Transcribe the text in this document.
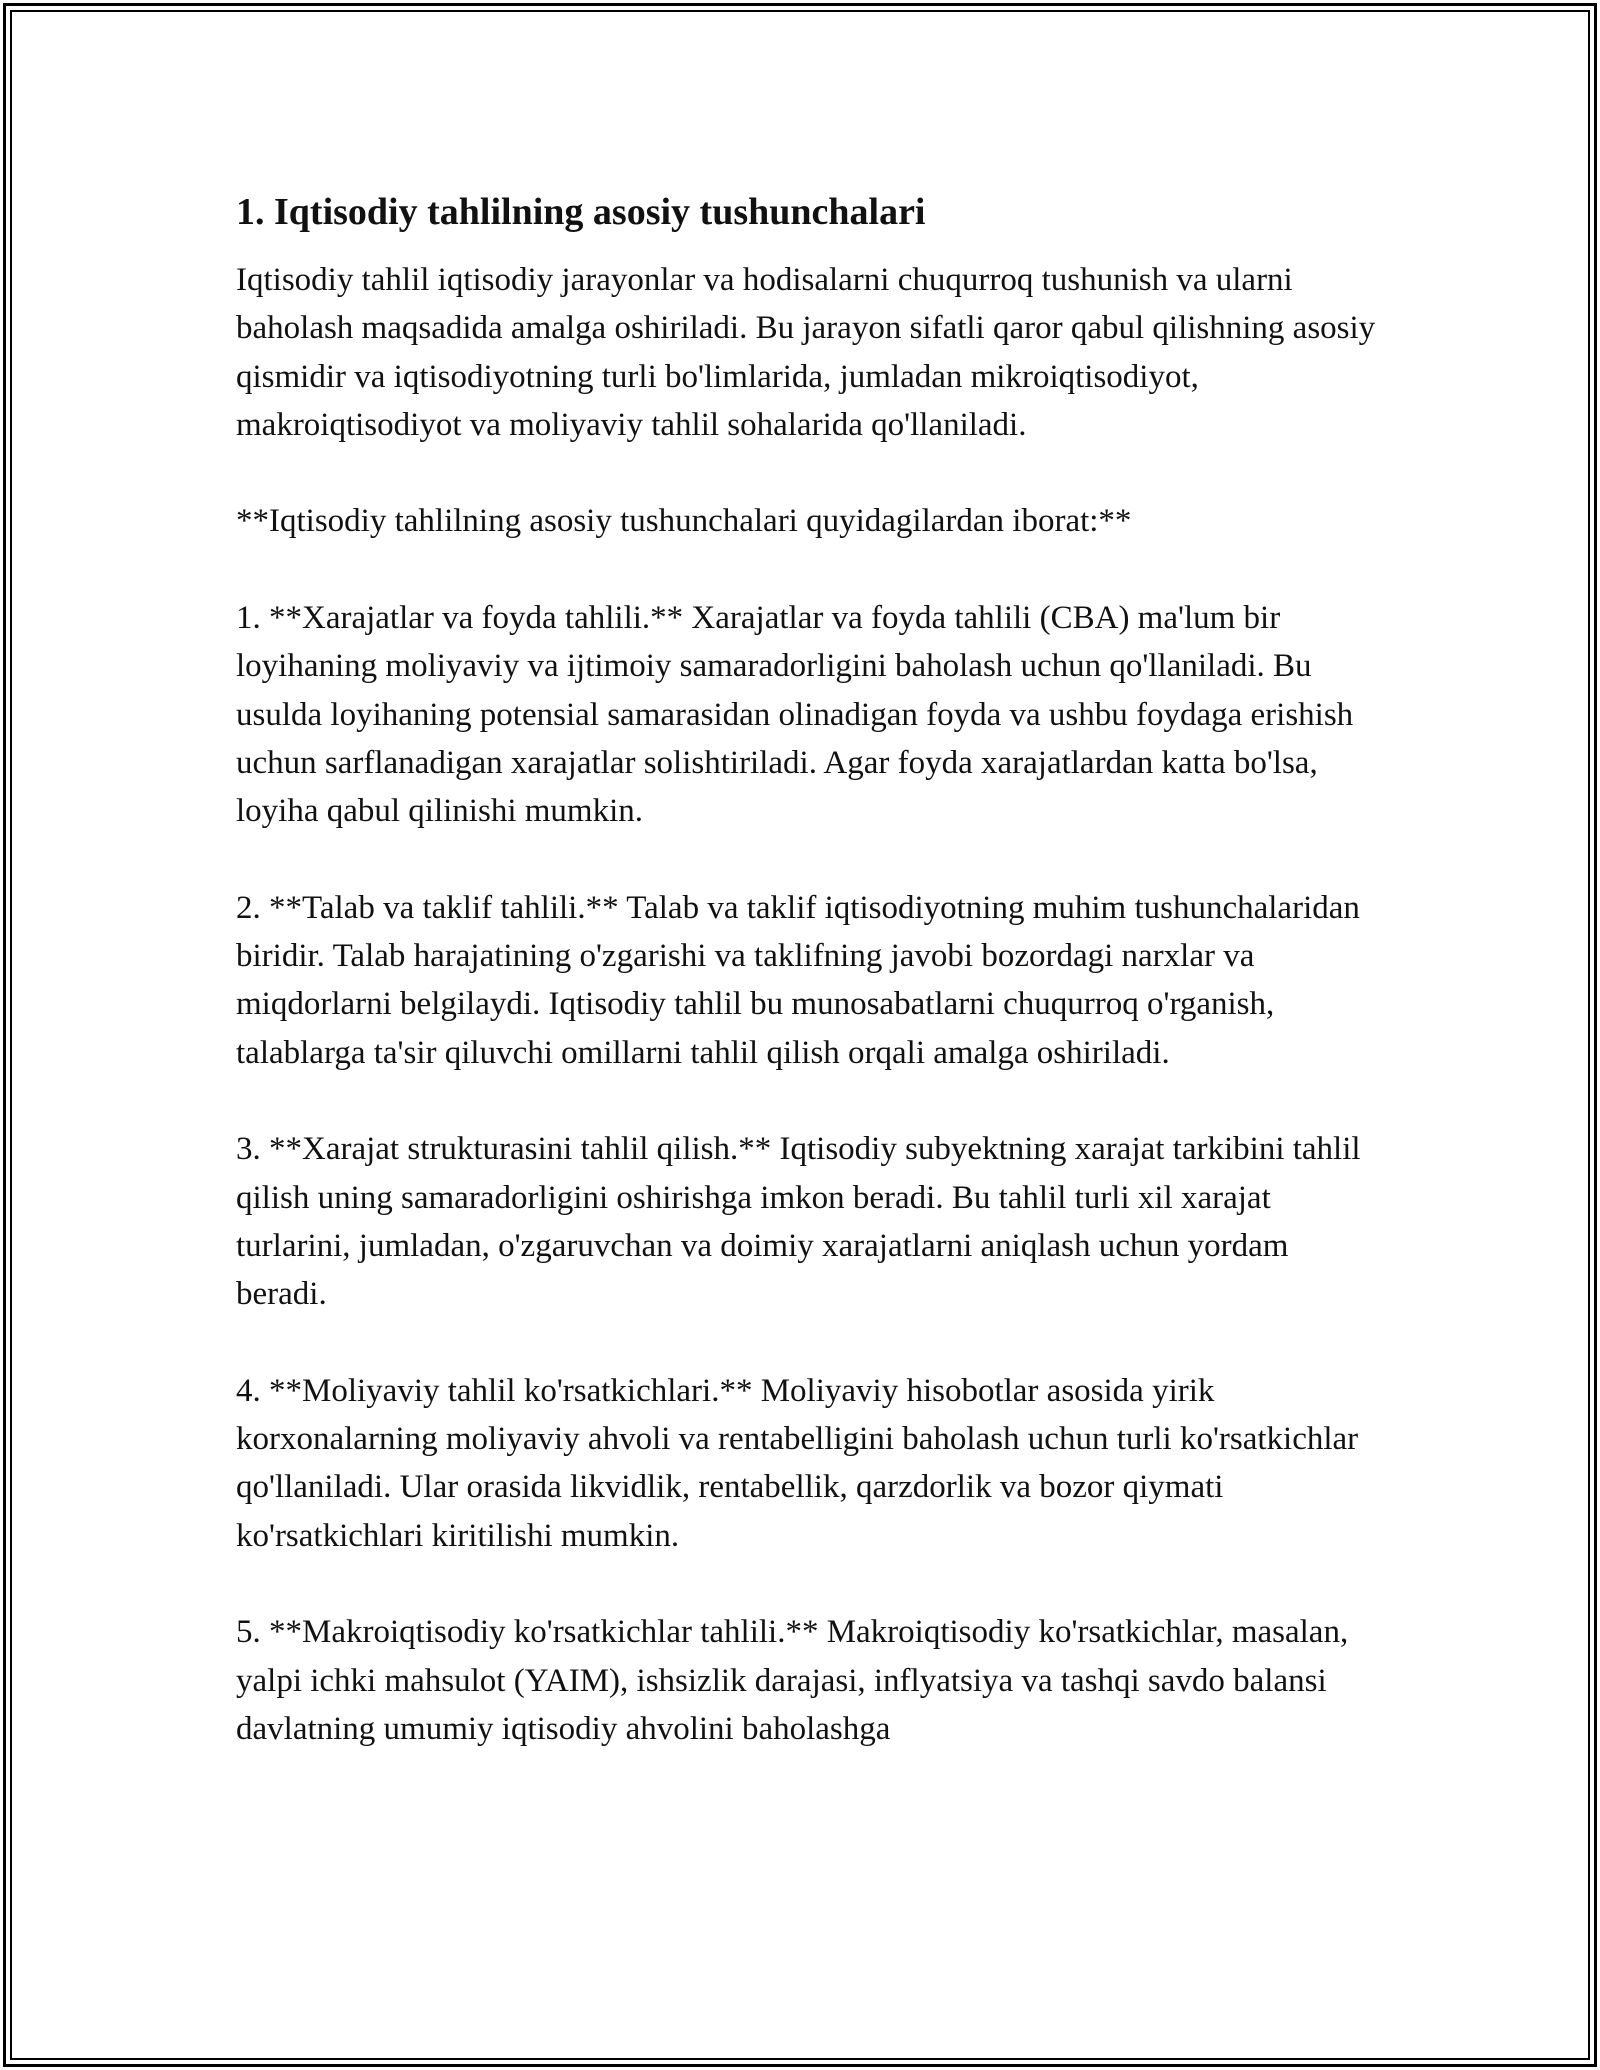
1. Iqtisodiy tahlilning asosiy tushunchalari

Iqtisodiy tahlil iqtisodiy jarayonlar va hodisalarni chuqurroq tushunish va ularni baholash maqsadida amalga oshiriladi. Bu jarayon sifatli qaror qabul qilishning asosiy qismidir va iqtisodiyotning turli bo'limlarida, jumladan mikroiqtisodiyot, makroiqtisodiyot va moliyaviy tahlil sohalarida qo'llaniladi.

**Iqtisodiy tahlilning asosiy tushunchalari quyidagilardan iborat:**

1. **Xarajatlar va foyda tahlili.** Xarajatlar va foyda tahlili (CBA) ma'lum bir loyihaning moliyaviy va ijtimoiy samaradorligini baholash uchun qo'llaniladi. Bu usulda loyihaning potensial samarasidan olinadigan foyda va ushbu foydaga erishish uchun sarflanadigan xarajatlar solishtiriladi. Agar foyda xarajatlardan katta bo'lsa, loyiha qabul qilinishi mumkin.

2. **Talab va taklif tahlili.** Talab va taklif iqtisodiyotning muhim tushunchalaridan biridir. Talab harajatining o'zgarishi va taklifning javobi bozordagi narxlar va miqdorlarni belgilaydi. Iqtisodiy tahlil bu munosabatlarni chuqurroq o'rganish, talablarga ta'sir qiluvchi omillarni tahlil qilish orqali amalga oshiriladi.

3. **Xarajat strukturasini tahlil qilish.** Iqtisodiy subyektning xarajat tarkibini tahlil qilish uning samaradorligini oshirishga imkon beradi. Bu tahlil turli xil xarajat turlarini, jumladan, o'zgaruvchan va doimiy xarajatlarni aniqlash uchun yordam beradi.

4. **Moliyaviy tahlil ko'rsatkichlari.** Moliyaviy hisobotlar asosida yirik korxonalarning moliyaviy ahvoli va rentabelligini baholash uchun turli ko'rsatkichlar qo'llaniladi. Ular orasida likvidlik, rentabellik, qarzdorlik va bozor qiymati ko'rsatkichlari kiritilishi mumkin.

5. **Makroiqtisodiy ko'rsatkichlar tahlili.** Makroiqtisodiy ko'rsatkichlar, masalan, yalpi ichki mahsulot (YAIM), ishsizlik darajasi, inflyatsiya va tashqi savdo balansi davlatning umumiy iqtisodiy ahvolini baholashga
